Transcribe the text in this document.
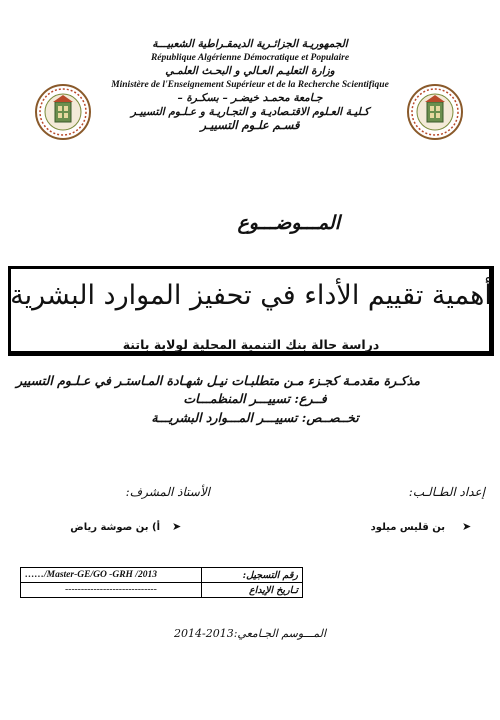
الجمهوريـة الجزائـرية الديمقـراطية الشعبيـــة
République Algérienne Démocratique et Populaire
وزارة التعليـم العـالي و البحـث العلمـي
Ministère de l'Enseignement Supérieur et de la Recherche Scientifique
جـامعة محمـد خيضـر – بسكـرة –
كـليـة العـلوم الاقتـصاديـة و التجـاريـة و عـلـوم التسييـر
قسـم علـوم التسييـر
المـــوضـــوع
أهمية تقييم الأداء في تحفيز الموارد البشرية
دراسة حالة بنك التنمية المحلية لولاية باتنة
مذكـرة مقدمـة كجـزء مـن متطلبـات نيـل شهـادة المـاستـر في عـلـوم التسيير
فــرع: تسييـــر المنظمـــات
تخــصــص: تسييـــر المـــوارد البشريـــة
إعداد الطـالـب:
الأستاذ المشرف:
➤
بن قليس ميلود
➤
أ) بن صوشة رياض
……/Master-GE/GO -GRH /2013	رقم التسجيل:
-----------------------------	تـاريخ الإيداع
المـــوسم الجـامعي:2013-2014
